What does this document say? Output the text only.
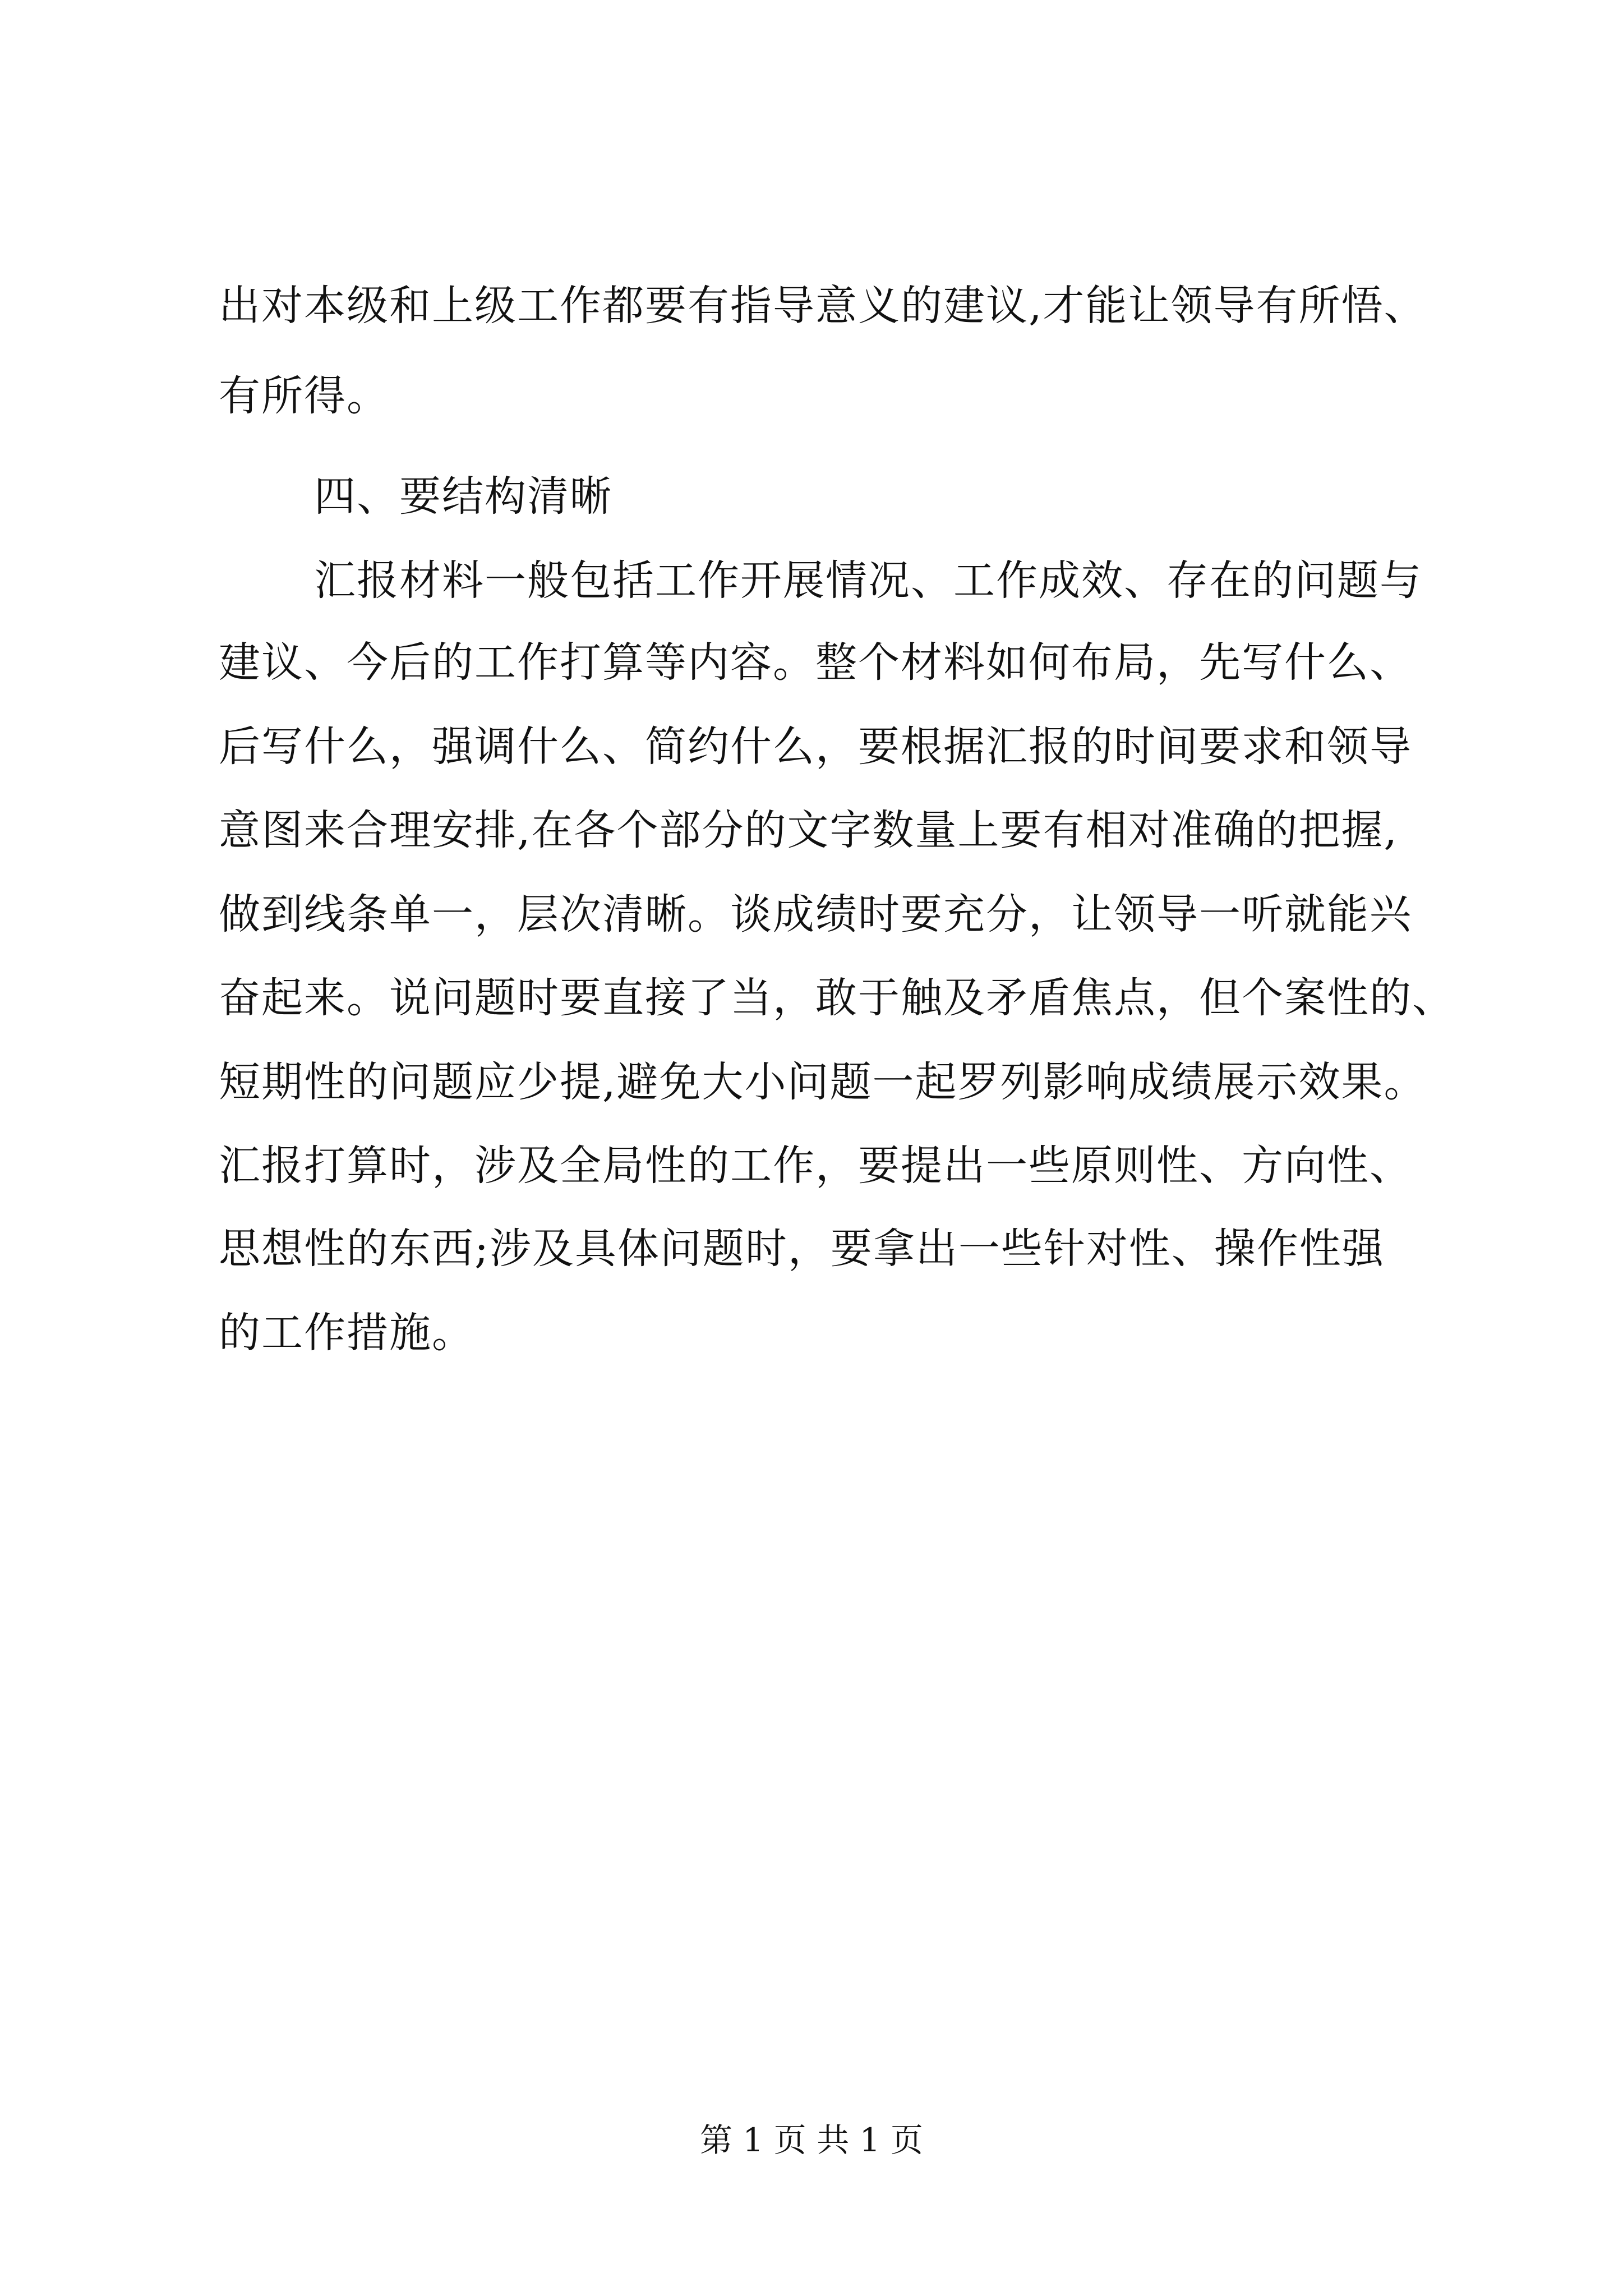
出对本级和上级工作都要有指导意义的建议,才能让领导有所悟、
有所得。
四、要结构清晰
汇报材料一般包括工作开展情况、工作成效、存在的问题与
建议、今后的工作打算等内容。整个材料如何布局，先写什么、
后写什么，强调什么、简约什么，要根据汇报的时间要求和领导
意图来合理安排,在各个部分的文字数量上要有相对准确的把握,
做到线条单一，层次清晰。谈成绩时要充分，让领导一听就能兴
奋起来。说问题时要直接了当，敢于触及矛盾焦点，但个案性的、
短期性的问题应少提,避免大小问题一起罗列影响成绩展示效果。
汇报打算时，涉及全局性的工作，要提出一些原则性、方向性、
思想性的东西;涉及具体问题时，要拿出一些针对性、操作性强
的工作措施。
第 1 页 共 1 页
